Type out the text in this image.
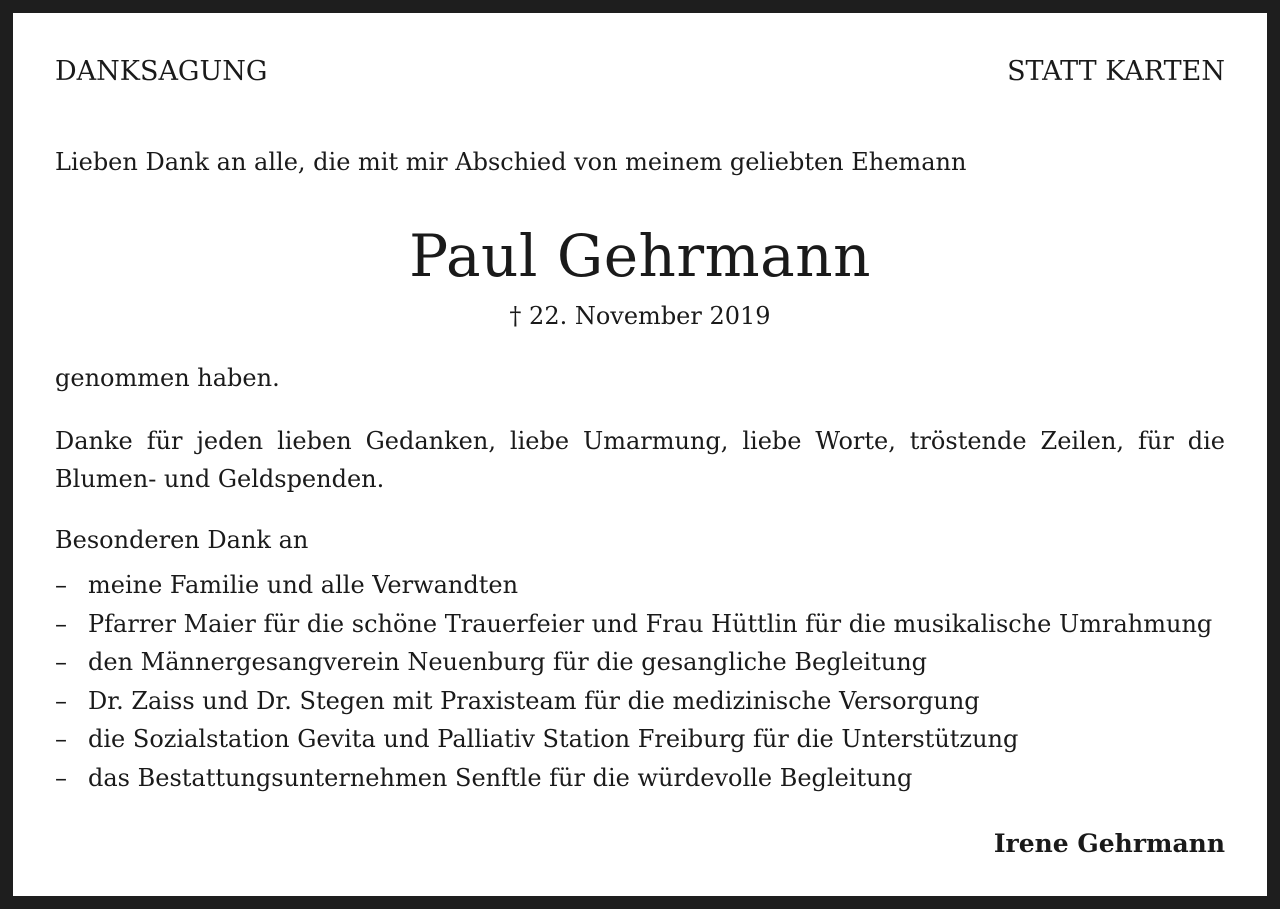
DANKSAGUNG	STATT KARTEN

Lieben Dank an alle, die mit mir Abschied von meinem geliebten Ehemann

Paul Gehrmann

† 22. November 2019

genommen haben.

Danke für jeden lieben Gedanken, liebe Umarmung, liebe Worte, tröstende Zeilen, für die Blumen- und Geldspenden.

Besonderen Dank an

– meine Familie und alle Verwandten
– Pfarrer Maier für die schöne Trauerfeier und Frau Hüttlin für die musikalische Umrahmung
– den Männergesangverein Neuenburg für die gesangliche Begleitung
– Dr. Zaiss und Dr. Stegen mit Praxisteam für die medizinische Versorgung
– die Sozialstation Gevita und Palliativ Station Freiburg für die Unterstützung
– das Bestattungsunternehmen Senftle für die würdevolle Begleitung

Irene Gehrmann
